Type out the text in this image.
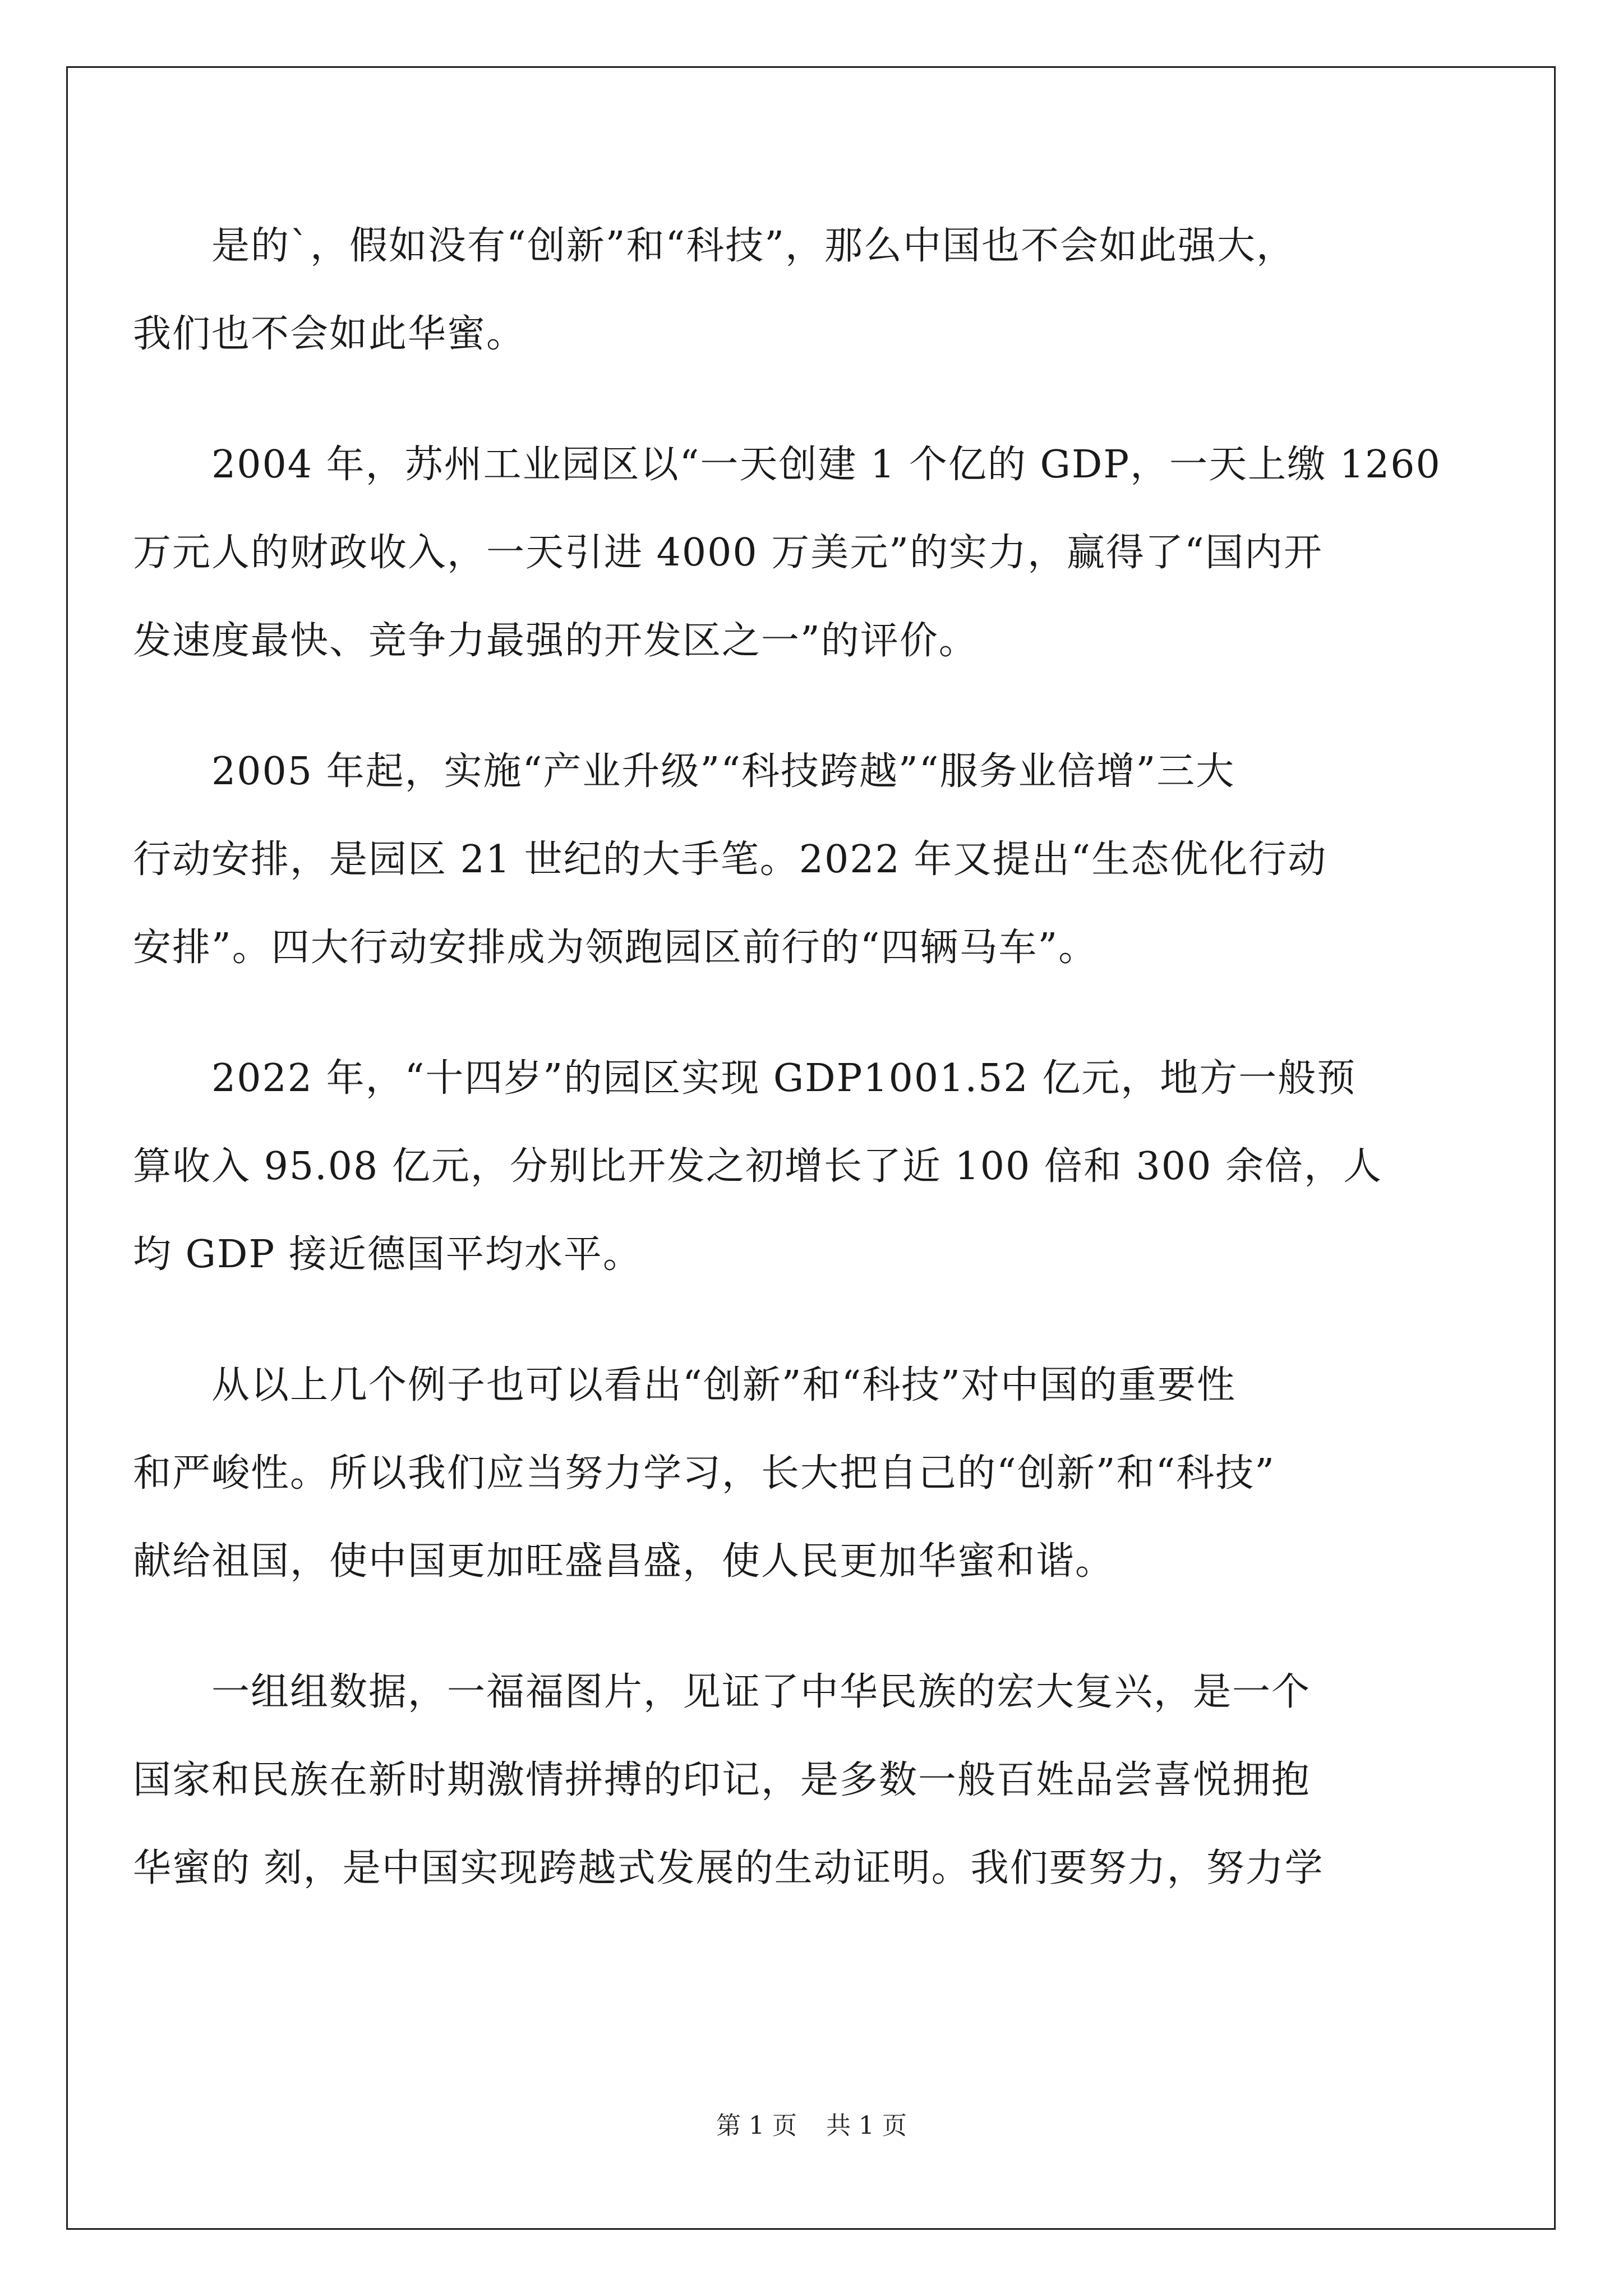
是的`，假如没有“创新”和“科技”，那么中国也不会如此强大，
我们也不会如此华蜜。
2004 年，苏州工业园区以“一天创建 1 个亿的 GDP，一天上缴 1260
万元人的财政收入，一天引进 4000 万美元”的实力，赢得了“国内开
发速度最快、竞争力最强的开发区之一”的评价。
2005 年起，实施“产业升级”“科技跨越”“服务业倍增”三大
行动安排，是园区 21 世纪的大手笔。2022 年又提出“生态优化行动
安排”。四大行动安排成为领跑园区前行的“四辆马车”。
2022 年，“十四岁”的园区实现 GDP1001.52 亿元，地方一般预
算收入 95.08 亿元，分别比开发之初增长了近 100 倍和 300 余倍，人
均 GDP 接近德国平均水平。
从以上几个例子也可以看出“创新”和“科技”对中国的重要性
和严峻性。所以我们应当努力学习，长大把自己的“创新”和“科技”
献给祖国，使中国更加旺盛昌盛，使人民更加华蜜和谐。
一组组数据，一福福图片，见证了中华民族的宏大复兴，是一个
国家和民族在新时期激情拼搏的印记，是多数一般百姓品尝喜悦拥抱
华蜜的 刻，是中国实现跨越式发展的生动证明。我们要努力，努力学
第 1 页 共 1 页
